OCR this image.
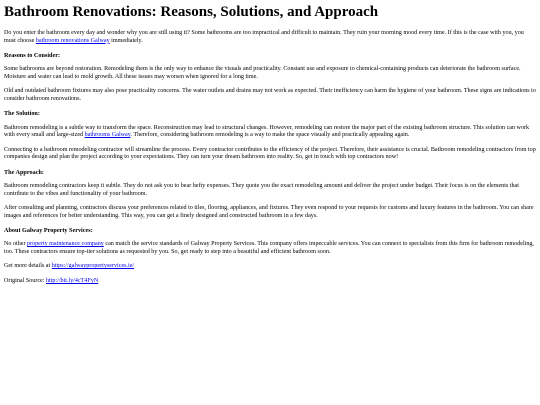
Bathroom Renovations: Reasons, Solutions, and Approach

Do you enter the bathroom every day and wonder why you are still using it? Some bathrooms are too impractical and difficult to maintain. They ruin your morning mood every time. If this is the case with you, you must choose bathroom renovations Galway immediately.

Reasons to Consider:

Some bathrooms are beyond restoration. Remodeling them is the only way to enhance the visuals and practicality. Constant use and exposure to chemical-containing products can deteriorate the bathroom surface. Moisture and water can lead to mold growth. All these issues may worsen when ignored for a long time.

Old and outdated bathroom fixtures may also pose practicality concerns. The water outlets and drains may not work as expected. Their inefficiency can harm the hygiene of your bathroom. These signs are indications to consider bathroom renovations.

The Solution:

Bathroom remodeling is a subtle way to transform the space. Reconstruction may lead to structural changes. However, remodeling can restore the major part of the existing bathroom structure. This solution can work with every small and large-sized bathrooms Galway. Therefore, considering bathroom remodeling is a way to make the space visually and practically appealing again.

Connecting to a bathroom remodeling contractor will streamline the process. Every contractor contributes to the efficiency of the project. Therefore, their assistance is crucial. Bathroom remodeling contractors from top companies design and plan the project according to your expectations. They can turn your dream bathroom into reality. So, get in touch with top contractors now!

The Approach:

Bathroom remodeling contractors keep it subtle. They do not ask you to bear hefty expenses. They quote you the exact remodeling amount and deliver the project under budget. Their focus is on the elements that contribute to the vibes and functionality of your bathroom.

After consulting and planning, contractors discuss your preferences related to tiles, flooring, appliances, and fixtures. They even respond to your requests for customs and luxury features in the bathroom. You can share images and references for better understanding. This way, you can get a finely designed and constructed bathroom in a few days.

About Galway Property Services:

No other property maintenance company can match the service standards of Galway Property Services. This company offers impeccable services. You can connect to specialists from this firm for bathroom remodeling, too. These contractors ensure top-tier solutions as requested by you. So, get ready to step into a beautiful and efficient bathroom soon.

Get more details at https://galwaypropertyservices.ie/

Original Source: http://bit.ly/4cT4FyN
